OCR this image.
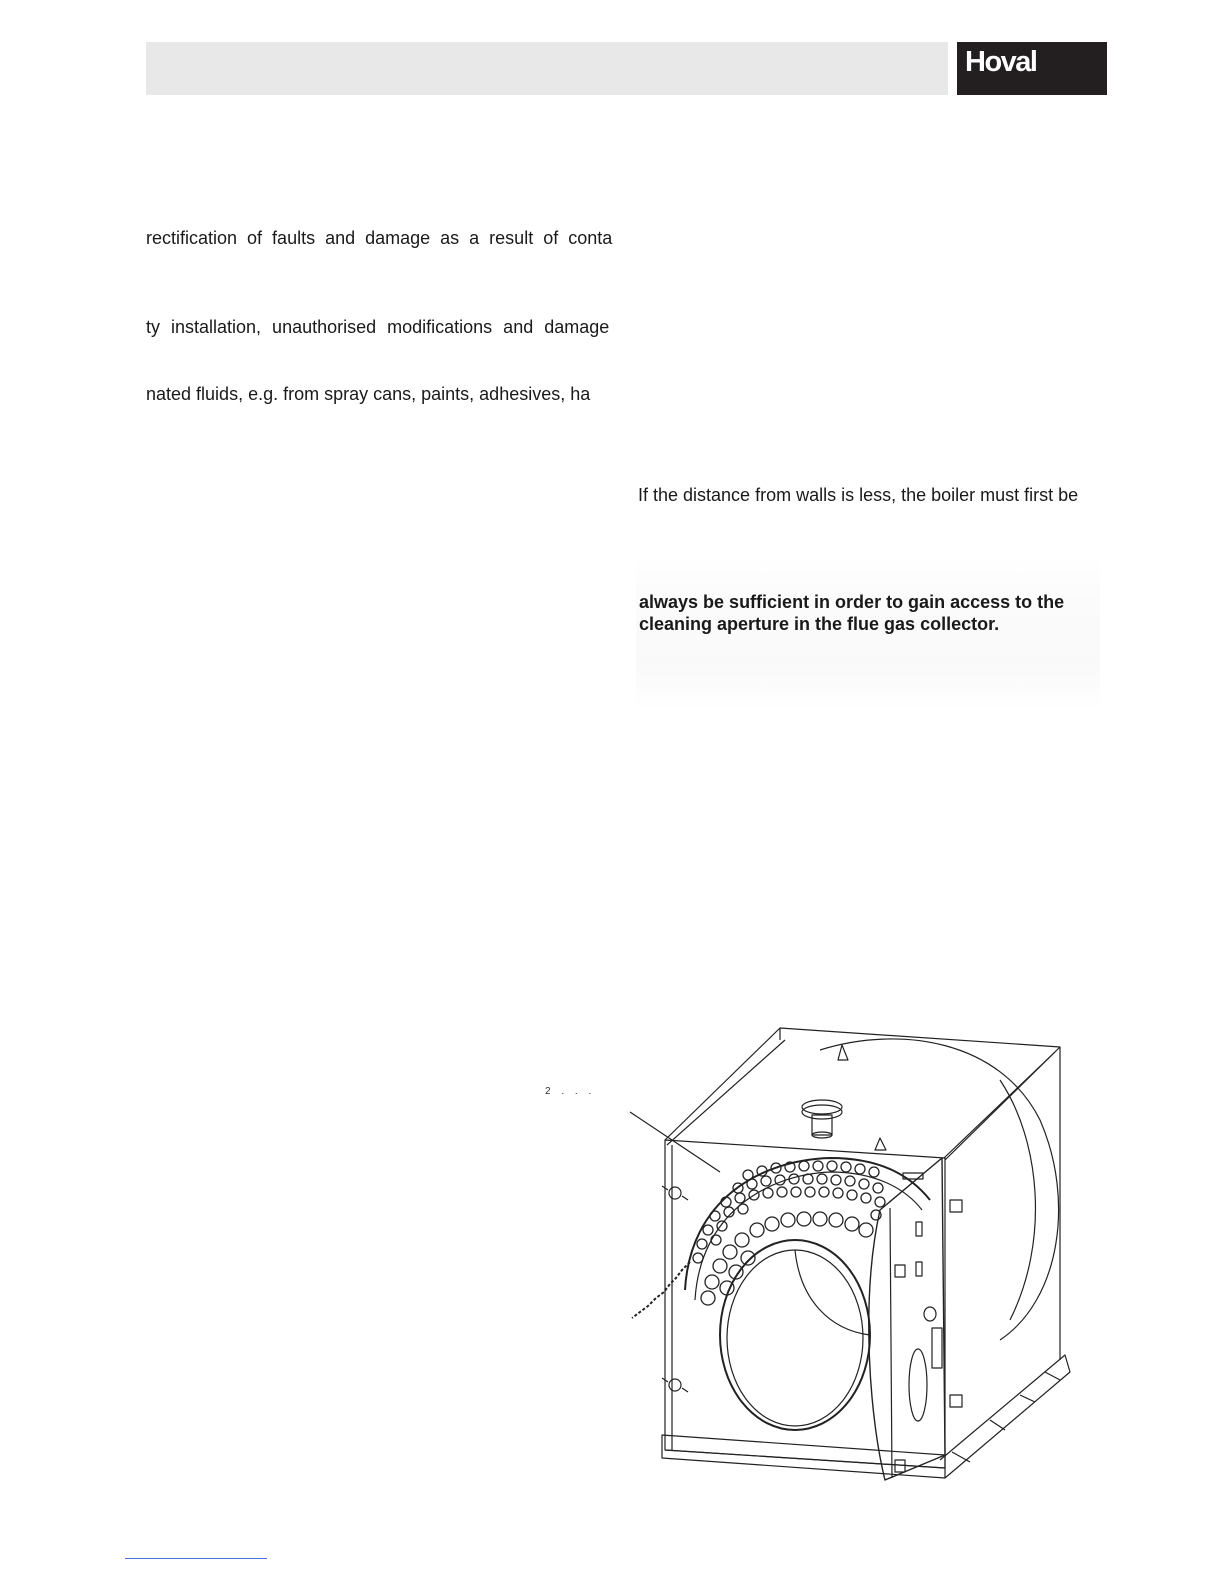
Hoval
rectification of faults and damage as a result of conta
ty installation, unauthorised modifications and damage
nated fluids, e.g. from spray cans, paints, adhesives, ha
If the distance from walls is less, the boiler must first be
always be sufficient in order to gain access to the
cleaning aperture in the flue gas collector.
2 . . .
